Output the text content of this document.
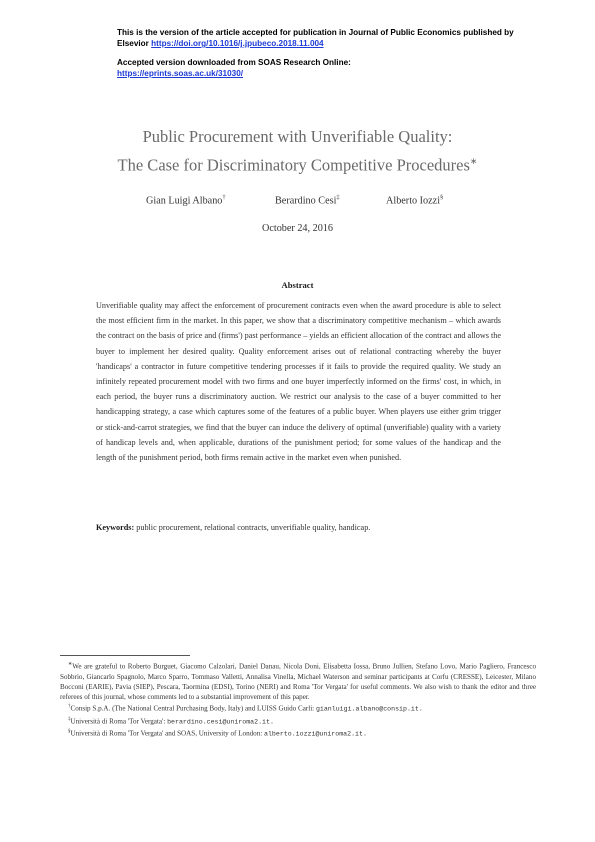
This is the version of the article accepted for publication in Journal of Public Economics published by Elsevior https://doi.org/10.1016/j.jpubeco.2018.11.004

Accepted version downloaded from SOAS Research Online:

https://eprints.soas.ac.uk/31030/

Public Procurement with Unverifiable Quality:

The Case for Discriminatory Competitive Procedures∗

Gian Luigi Albano†	Berardino Cesi‡	Alberto Iozzi§
October 24, 2016
Abstract

Unverifiable quality may affect the enforcement of procurement contracts even when the award procedure is able to select the most efficient firm in the market. In this paper, we show that a discriminatory competitive mechanism – which awards the contract on the basis of price and (firms') past performance – yields an efficient allocation of the contract and allows the buyer to implement her desired quality. Quality enforcement arises out of relational contracting whereby the buyer 'handicaps' a contractor in future competitive tendering processes if it fails to provide the required quality. We study an infinitely repeated procurement model with two firms and one buyer imperfectly informed on the firms' cost, in which, in each period, the buyer runs a discriminatory auction. We restrict our analysis to the case of a buyer committed to her handicapping strategy, a case which captures some of the features of a public buyer. When players use either grim trigger or stick-and-carrot strategies, we find that the buyer can induce the delivery of optimal (unverifiable) quality with a variety of handicap levels and, when applicable, durations of the punishment period; for some values of the handicap and the length of the punishment period, both firms remain active in the market even when punished.

Keywords: public procurement, relational contracts, unverifiable quality, handicap.

∗We are grateful to Roberto Burguet, Giacomo Calzolari, Daniel Danau, Nicola Doni, Elisabetta Iossa, Bruno Jullien, Stefano Lovo, Mario Pagliero, Francesco Sobbrio, Giancarlo Spagnolo, Marco Sparro, Tommaso Valletti, Annalisa Vinella, Michael Waterson and seminar participants at Corfu (CRESSE), Leicester, Milano Bocconi (EARIE), Pavia (SIEP), Pescara, Taormina (EDSI), Torino (NERI) and Roma 'Tor Vergata' for useful comments. We also wish to thank the editor and three referees of this journal, whose comments led to a substantial improvement of this paper.

†Consip S.p.A. (The National Central Purchasing Body, Italy) and LUISS Guido Carli: gianluigi.albano@consip.it.

‡Università di Roma 'Tor Vergata': berardino.cesi@uniroma2.it.

§Università di Roma 'Tor Vergata' and SOAS, University of London: alberto.iozzi@uniroma2.it.
